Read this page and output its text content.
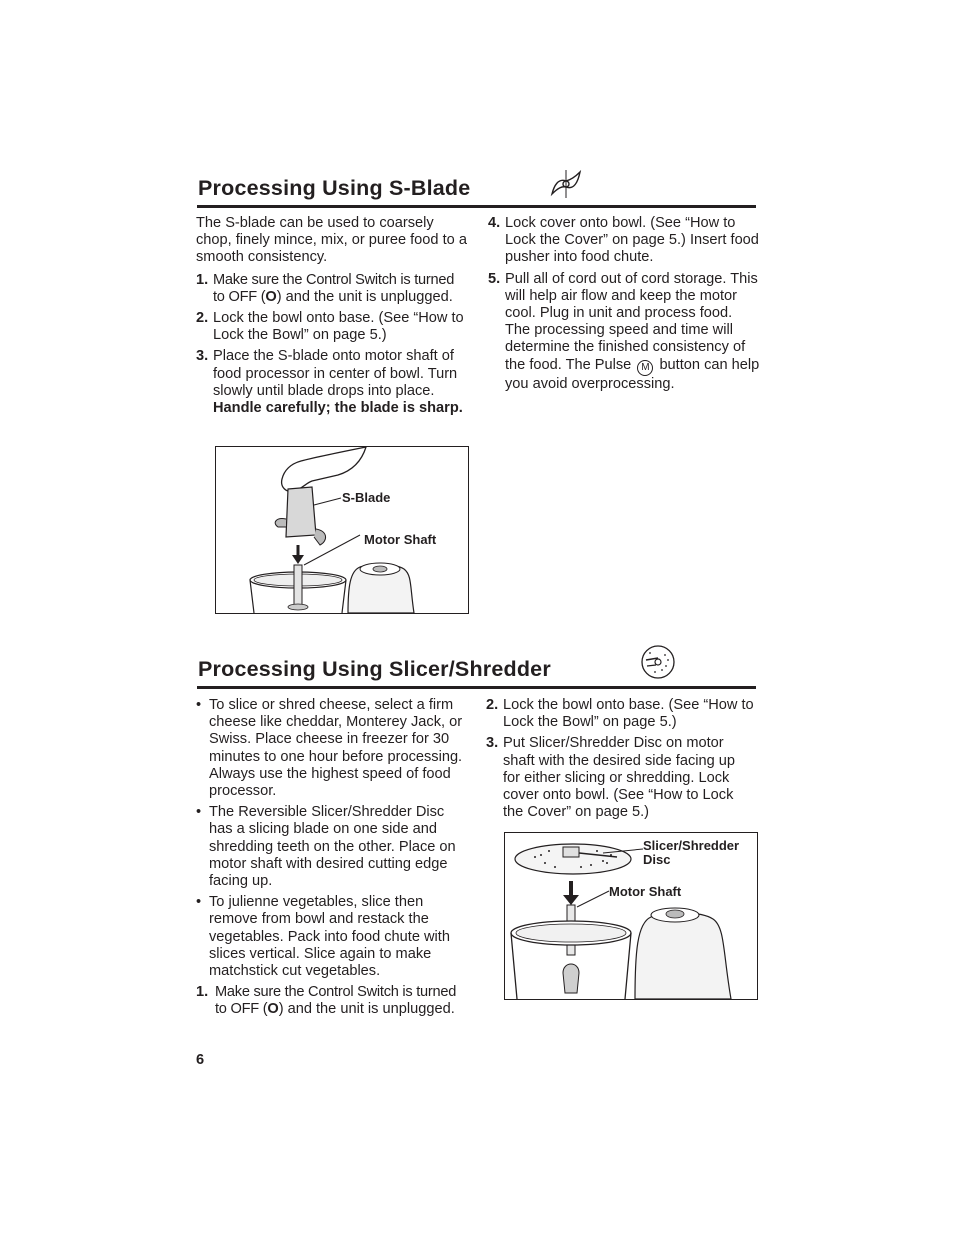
Processing Using S-Blade

The S-blade can be used to coarsely chop, finely mince, mix, or puree food to a smooth consistency.

1. Make sure the Control Switch is turned to OFF (O) and the unit is unplugged.
2. Lock the bowl onto base. (See “How to Lock the Bowl” on page 5.)
3. Place the S-blade onto motor shaft of food processor in center of bowl. Turn slowly until blade drops into place. Handle carefully; the blade is sharp.
4. Lock cover onto bowl. (See “How to Lock the Cover” on page 5.) Insert food pusher into food chute.
5. Pull all of cord out of cord storage. This will help air flow and keep the motor cool. Plug in unit and process food. The processing speed and time will determine the finished consistency of the food. The Pulse M button can help you avoid overprocessing.
S-Blade
Motor Shaft
Processing Using Slicer/Shredder
• To slice or shred cheese, select a firm cheese like cheddar, Monterey Jack, or Swiss. Place cheese in freezer for 30 minutes to one hour before processing. Always use the highest speed of food processor.
• The Reversible Slicer/Shredder Disc has a slicing blade on one side and shredding teeth on the other. Place on motor shaft with desired cutting edge facing up.
• To julienne vegetables, slice then remove from bowl and restack the vegetables. Pack into food chute with slices vertical. Slice again to make matchstick cut vegetables.
1. Make sure the Control Switch is turned to OFF (O) and the unit is unplugged.
2. Lock the bowl onto base. (See “How to Lock the Bowl” on page 5.)
3. Put Slicer/Shredder Disc on motor shaft with the desired side facing up for either slicing or shredding. Lock cover onto bowl. (See “How to Lock the Cover” on page 5.)
Slicer/Shredder
Disc
Motor Shaft
6
